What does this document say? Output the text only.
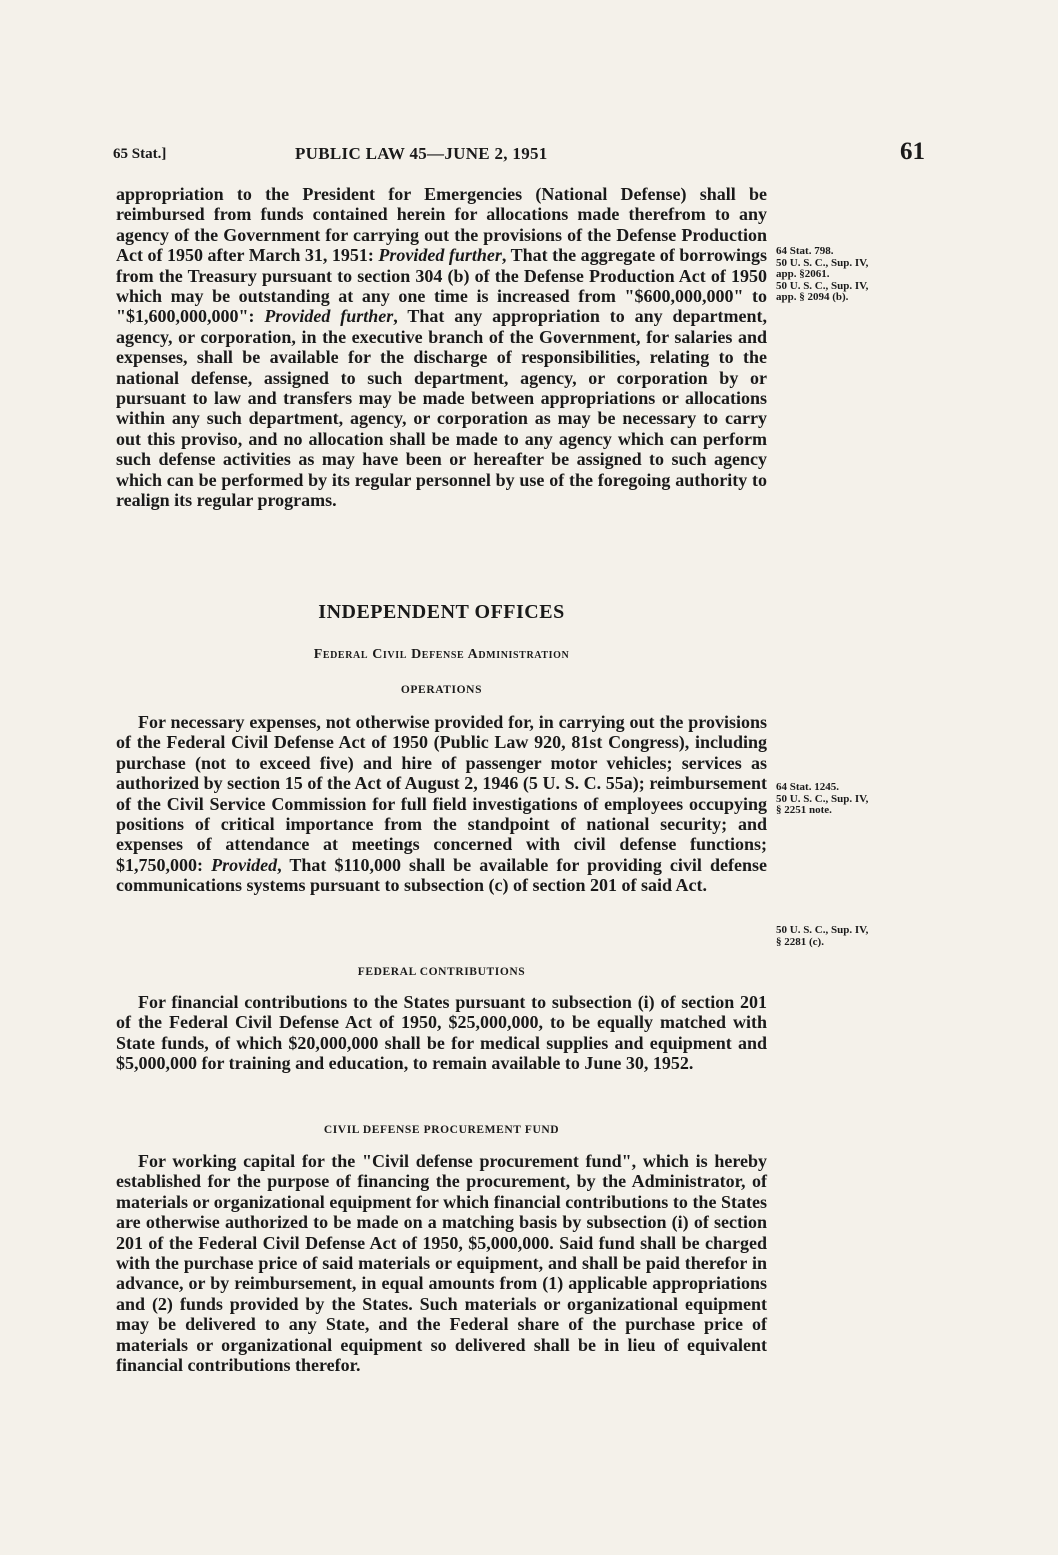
65 Stat.]	PUBLIC LAW 45—JUNE 2, 1951	61

appropriation to the President for Emergencies (National Defense) shall be reimbursed from funds contained herein for allocations made therefrom to any agency of the Government for carrying out the provisions of the Defense Production Act of 1950 after March 31, 1951: Provided further, That the aggregate of borrowings from the Treasury pursuant to section 304 (b) of the Defense Production Act of 1950 which may be outstanding at any one time is increased from "$600,000,000" to "$1,600,000,000": Provided further, That any appropriation to any department, agency, or corporation, in the executive branch of the Government, for salaries and expenses, shall be available for the discharge of responsibilities, relating to the national defense, assigned to such department, agency, or corporation by or pursuant to law and transfers may be made between appropriations or allocations within any such department, agency, or corporation as may be necessary to carry out this proviso, and no allocation shall be made to any agency which can perform such defense activities as may have been or hereafter be assigned to such agency which can be performed by its regular personnel by use of the foregoing authority to realign its regular programs.

64 Stat. 798.
50 U. S. C., Sup. IV,
app. §2061.
50 U. S. C., Sup. IV,
app. § 2094 (b).
INDEPENDENT OFFICES
Federal Civil Defense Administration
OPERATIONS

For necessary expenses, not otherwise provided for, in carrying out the provisions of the Federal Civil Defense Act of 1950 (Public Law 920, 81st Congress), including purchase (not to exceed five) and hire of passenger motor vehicles; services as authorized by section 15 of the Act of August 2, 1946 (5 U. S. C. 55a); reimbursement of the Civil Service Commission for full field investigations of employees occupying positions of critical importance from the standpoint of national security; and expenses of attendance at meetings concerned with civil defense functions; $1,750,000: Provided, That $110,000 shall be available for providing civil defense communications systems pursuant to subsection (c) of section 201 of said Act.

64 Stat. 1245.
50 U. S. C., Sup. IV,
§ 2251 note.
50 U. S. C., Sup. IV,
§ 2281 (c).
FEDERAL CONTRIBUTIONS

For financial contributions to the States pursuant to subsection (i) of section 201 of the Federal Civil Defense Act of 1950, $25,000,000, to be equally matched with State funds, of which $20,000,000 shall be for medical supplies and equipment and $5,000,000 for training and education, to remain available to June 30, 1952.

CIVIL DEFENSE PROCUREMENT FUND

For working capital for the "Civil defense procurement fund", which is hereby established for the purpose of financing the procurement, by the Administrator, of materials or organizational equipment for which financial contributions to the States are otherwise authorized to be made on a matching basis by subsection (i) of section 201 of the Federal Civil Defense Act of 1950, $5,000,000. Said fund shall be charged with the purchase price of said materials or equipment, and shall be paid therefor in advance, or by reimbursement, in equal amounts from (1) applicable appropriations and (2) funds provided by the States. Such materials or organizational equipment may be delivered to any State, and the Federal share of the purchase price of materials or organizational equipment so delivered shall be in lieu of equivalent financial contributions therefor.
